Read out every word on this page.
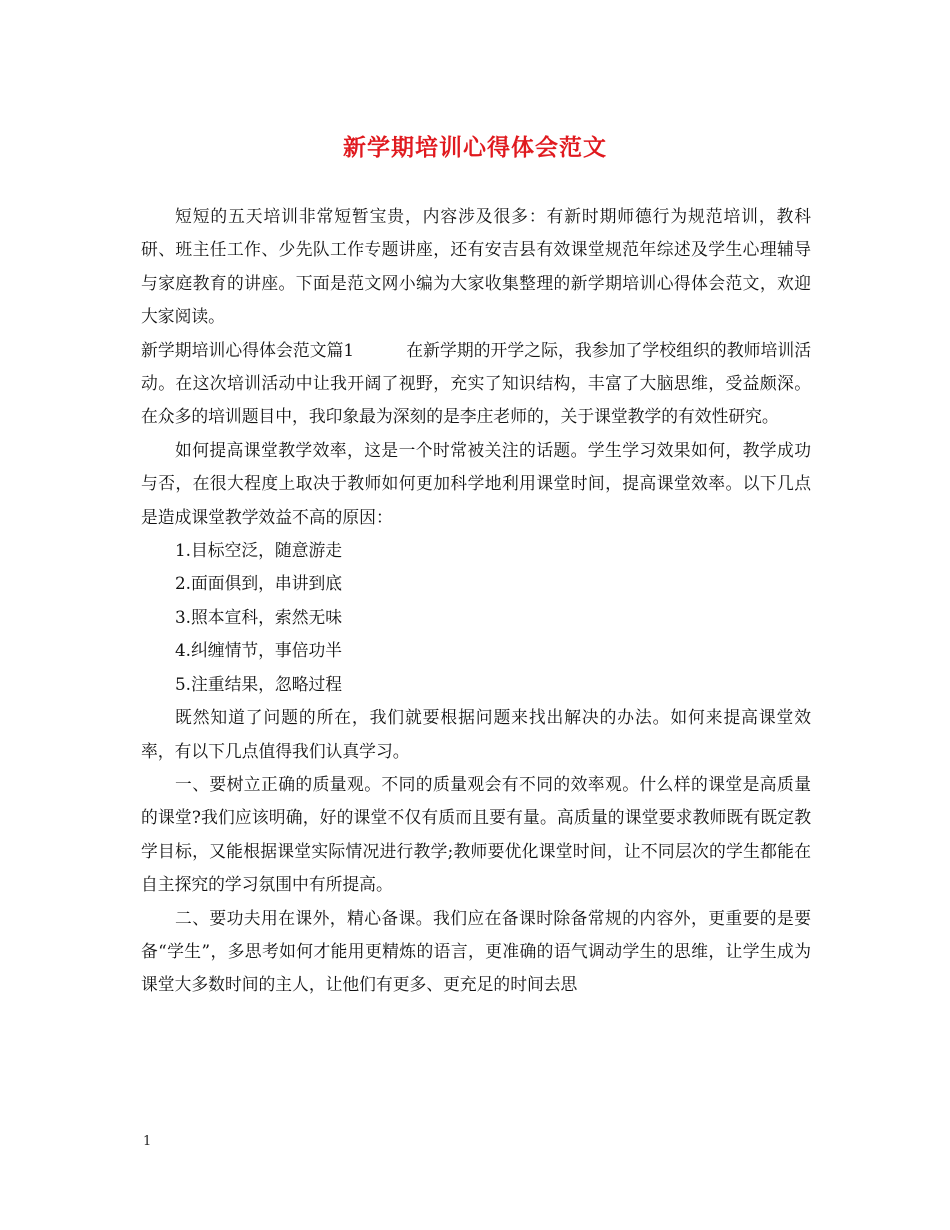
新学期培训心得体会范文

短短的五天培训非常短暂宝贵，内容涉及很多：有新时期师德行为规范培训，教科研、班主任工作、少先队工作专题讲座，还有安吉县有效课堂规范年综述及学生心理辅导与家庭教育的讲座。下面是范文网小编为大家收集整理的新学期培训心得体会范文，欢迎大家阅读。

新学期培训心得体会范文篇1	在新学期的开学之际，我参加了学校组织的教师培训活动。在这次培训活动中让我开阔了视野，充实了知识结构，丰富了大脑思维，受益颇深。在众多的培训题目中，我印象最为深刻的是李庄老师的，关于课堂教学的有效性研究。

如何提高课堂教学效率，这是一个时常被关注的话题。学生学习效果如何，教学成功与否，在很大程度上取决于教师如何更加科学地利用课堂时间，提高课堂效率。以下几点是造成课堂教学效益不高的原因：

1.目标空泛，随意游走

2.面面俱到，串讲到底

3.照本宣科，索然无味

4.纠缠情节，事倍功半

5.注重结果，忽略过程

既然知道了问题的所在，我们就要根据问题来找出解决的办法。如何来提高课堂效率，有以下几点值得我们认真学习。

一、要树立正确的质量观。不同的质量观会有不同的效率观。什么样的课堂是高质量的课堂?我们应该明确，好的课堂不仅有质而且要有量。高质量的课堂要求教师既有既定教学目标，又能根据课堂实际情况进行教学;教师要优化课堂时间，让不同层次的学生都能在自主探究的学习氛围中有所提高。

二、要功夫用在课外，精心备课。我们应在备课时除备常规的内容外，更重要的是要备“学生”，多思考如何才能用更精炼的语言，更准确的语气调动学生的思维，让学生成为课堂大多数时间的主人，让他们有更多、更充足的时间去思

1
